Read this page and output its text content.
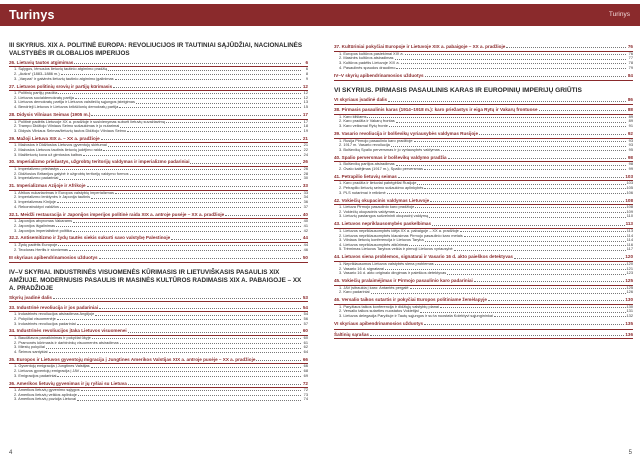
Turinys
III SKYRIUS. XIX A. POLITINĖ EUROPA: REVOLIUCIJOS IR TAUTINIAI SĄJŪDŽIAI, NACIONALINĖS VALSTYBĖS IR GLOBALIOS IMPERIJOS
26. Lietuvių tautos atgimimas	6
1. Sąlygos, lėmusios lietuvių tautinio atgimimo pradžią	6
2. „Aušra“ (1883–1886 m.)	8
3. „Varpas“ ir gaivinės lietuvių tautinio atgimimo įgalinimas	9
27. Lietuvos politinių srovių ir partijų kūrimasis	12
1. Politinių partijų pradžia	12
2. Lietuvos socialdemokratų partija	12
3. Lietuvos demokratų partija ir Lietuvos valstiečių sąjungos įsteigimas	13
4. Bendrieji Lietuvos ir Lietuvos krikščionių demokratų partija	15
28. Didysis Vilniaus Seimas (1905 m.)	17
1. Politinė padėtis Lietuvoje XX a. pradžioje ir susivienymas suburti lietuvių suvažiavimą	17
2. Trampo Didžiojo Vilniaus Seimo sušaukimas ir jo nutarimai	18
3. Didysis Vilniaus Seimas/lietuvių tautos Didžiojo Vilniaus Seimo	19
29. Mažoji Lietuva XIX a. – XX a. pradžioje	21
1. Mažosios ir Didžiosios Lietuvos gyventojų skirtumai	21
2. Mažosios Lietuvos tautinis lietuvių judėjimo raida	22
3. Mažlietuvių kova už gimtosios kalbos	24
30. Imperializmo priežastys, užgrobtų teritorijų valdymas ir imperializmo padariniai	26
1. Imperializmo priežastys	26
2. Didžiosios Britanijos galybė ir užgrobtų teritorijų valdymo formos	28
3. Imperializmo padariniai	30
31. Imperializmas Azijoje ir Afrikoje	33
1. Afrikos nukariavimas ir Europos valstybių imperializmas	33
2. Imperializmo lenktynės ir Japonija tautinis	34
3. Imperializmas Kinijoje	36
4. Rekonstruktyvi valdžios	37
32.1. Meidži restauracija ir Japonijos imperijos politinė raida XIX a. antroje pusėje – XX a. pradžioje	40
1. Japonijos atvyromas Vakarams	40
2. Japonijos išgalinimas	41
3. Japonijos imperialistinė politika	42
32.2. Antisemitizmo ir žydų tautės siekis sukurti savo valstybę Palestinoje	44
1. Žydų padėtis Europoje	44
2. Teodoras Hertlis ir sionizmas	46
III skyriaus apibendrinamosios užduotys	50
IV–V SKYRIAI. INDUSTRINĖS VISUOMENĖS KŪRIMASIS IR LIETUVIŠKASIS PASAULIS XIX AMŽIUJE. MODERNUSIS PASAULIS IR MASINĖS KULTŪROS RADIMASIS XIX A. PABAIGOJE – XX A. PRADŽIOJE
Skyrių įvadinė dalis	53
33. Industrinė revoliucija ir jos padariniai	54
1. Industrinės revoliucijos atsiradimas Anglijoje	54
2. Pokyčiai visuomenėje	56
3. Industrinės revoliucijos padariniai	57
34. Industrinės revoliucijos įtaka Lietuvos visuomenei	60
1. Baudžiavos panaikinimas ir pokyčiai ūkyje	60
2. Pramonės kūrimasis ir darbininkų visuomenės atsiradimas	61
3. Miestų pokyčiai	62
4. Šeimos santykiai	64
35. Europos ir Lietuvos gyventojų migracija į Jungtines Amerikos Valstijas XIX a. antroje pusėje – XX a. pradžioje	66
1. Gyventojų emigracija į Jungtines Valstijas	66
2. Lietuvos gyventojų emigracija į JAV	68
3. Emigracijos padariniai	69
36. Amerikos lietuvių gyvenimas ir jų ryšiai su Lietuva	72
1. Amerikos lietuvių gyvenimo sąlygos	72
2. Amerikos lietuvių veiklos aplinkoje	73
3. Amerikos lietuvių pozicija Lietuvai	74
4
Turinys
37. Kultūriniai pokyčiai Europoje ir Lietuvoje XIX a. pabaigoje – XX a. pradžioje	76
1. Europos kultūros pasiekimai XIX a.	76
2. Masinės kultūros atsiradimas	77
3. Kultūros padėtis Lietuvoje XIX a.	78
4. Pasaulinės spaudos draudimo	79
IV–V skyrių apibendrinamosios užduotys	84
VI SKYRIUS. PIRMASIS PASAULINIS KARAS IR EUROPINIŲ IMPERIJŲ GRIŪTIS
VI skyriaus įvadinė dalis	86
38. Pirmasis pasaulinis karas (1914–1918 m.): karo priežastys ir eiga Rytų ir Vakarų frontuose	88
1. Karo kilšiams	89
2. Karo pradžia ir Vakarų frontas	89
3. Karo veiksmai Rytų fronte	91
39. Vasario revoliucija ir bolševikų vyriausybės valdymas Rusijoje	92
1. Rusija Pirmojo pasaulinio karo pradžioje	93
2. 1917 m. Vasario revoliucija	93
3. Bolševikų Spalio perversmas ir jo vyriausybės valdymas	95
40. Spalio perversmas ir bolševikų valdymo pradžia	98
1. Bolševikų partijos atsiradimas	98
2. Ovalo kalėjimas (1917 m.), Spalio perversmas	99
41. Petrapilio lietuvių seimas	103
1. Karo pradžia ir lietuviai pabėgėliai Rusijoje	103
2. Petrapilio lietuvių seimo sušaukimo aplinkybės	105
3. PLS nutarimai ir reikšmė	106
42. Vokiečių okupacinis valdymas Lietuvoje	108
1. Lietuva Pirmojo pasaulinio karo pradžioje	108
2. Vokiečių okupacinis valdymas	109
3. Lietuvių pastangos sušvelninti okupacinį valdymą	110
43. Lietuvos nepriklausomybės paskelbimas	113
1. Lietuvos nepriklausomybės idėja XX a. pabaigoje – XX a. pradžioje	113
2. Lietuvos nepriklausomybės klausimas Pirmojo pasaulinio karo metais	114
3. Vilniaus lietuvių konferencija ir Lietuvos Taryba	114
4. Lietuvos nepriklausomybės atkūrimas	116
5. Trėmimas Lietuvos Tarybos veikla ir pirmoji Lietuvos vyriausybė	117
44. Lietuvos siena problemos, signatarai ir Vasario 16 d. akto paieškos detektyvas	120
1. Nepriklausomos Lietuvos valstybės siena problemas	120
2. Vasario 16 d. signatarai	121
3. Vasario 16 d. akto originalo dingimas ir paieškos detektyvas	123
45. Vokiečių pralaimėjimas ir Pirmojo pasaulinio karo padariniai	125
1. JAV įsitraukia į karo: Antantės pergalė	125
2. Karo padariniai	126
46. Versalio taikos sutartis ir pokyčiai Europos politiniame žemėlapyje	130
1. Paryžiaus taikos konferencija ir didžiųjų valstybių planai	130
2. Versalio taikos sutarties nuostatos Vokietijai	131
3. Lietuvos delegacija Paryžiuje ir Tautų sąjungos ir su ta nuostata Kolektyvi sąjungininkai	132
VI skyriaus apibendrinamosios užduotys	135
Šaltinių sąrašas	136
5
